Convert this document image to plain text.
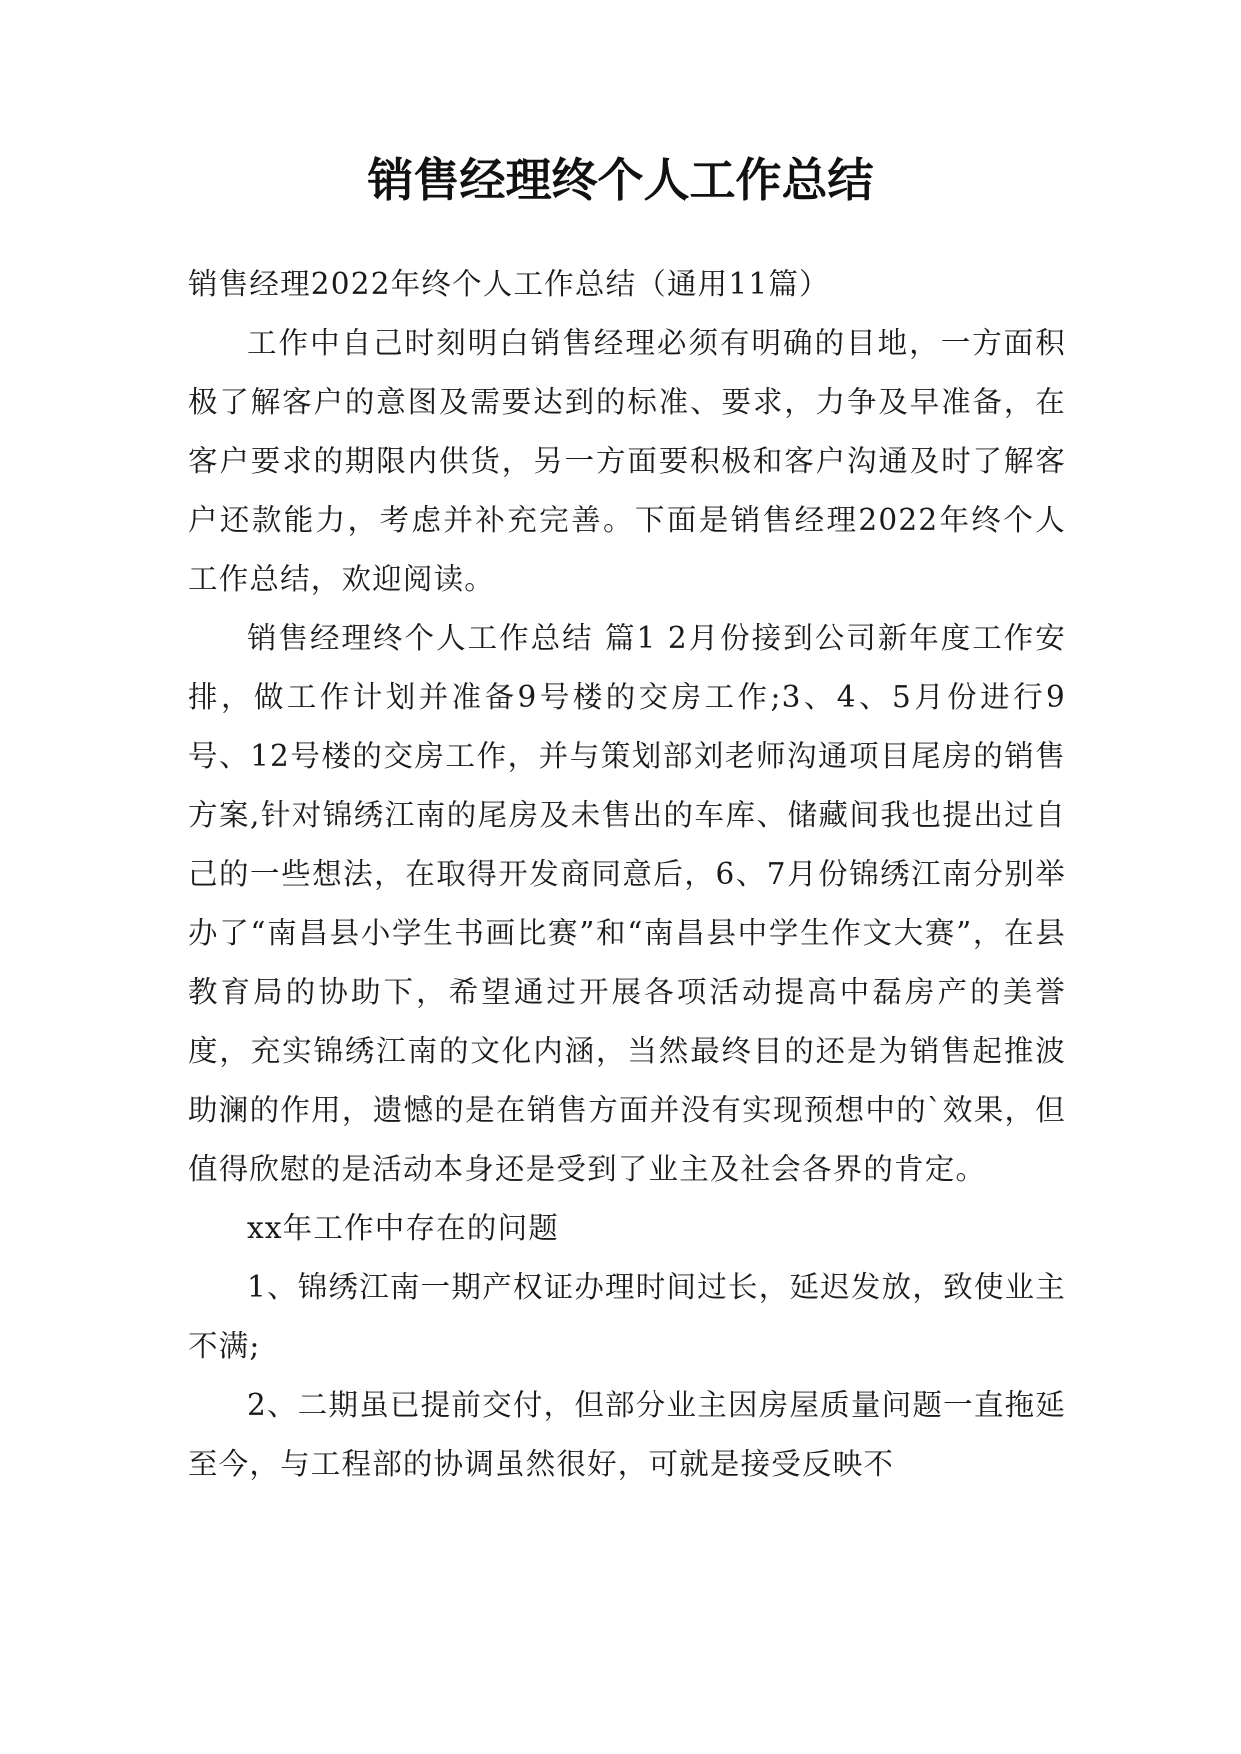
销售经理终个人工作总结

销售经理2022年终个人工作总结（通用11篇）

工作中自己时刻明白销售经理必须有明确的目地，一方面积极了解客户的意图及需要达到的标准、要求，力争及早准备，在客户要求的期限内供货，另一方面要积极和客户沟通及时了解客户还款能力，考虑并补充完善。下面是销售经理2022年终个人工作总结，欢迎阅读。

销售经理终个人工作总结 篇1 2月份接到公司新年度工作安排，做工作计划并准备9号楼的交房工作;3、4、5月份进行9号、12号楼的交房工作，并与策划部刘老师沟通项目尾房的销售方案,针对锦绣江南的尾房及未售出的车库、储藏间我也提出过自己的一些想法，在取得开发商同意后，6、7月份锦绣江南分别举办了“南昌县小学生书画比赛”和“南昌县中学生作文大赛”，在县教育局的协助下，希望通过开展各项活动提高中磊房产的美誉度，充实锦绣江南的文化内涵，当然最终目的还是为销售起推波助澜的作用，遗憾的是在销售方面并没有实现预想中的`效果，但值得欣慰的是活动本身还是受到了业主及社会各界的肯定。

xx年工作中存在的问题

1、锦绣江南一期产权证办理时间过长，延迟发放，致使业主不满;

2、二期虽已提前交付，但部分业主因房屋质量问题一直拖延至今，与工程部的协调虽然很好，可就是接受反映不
